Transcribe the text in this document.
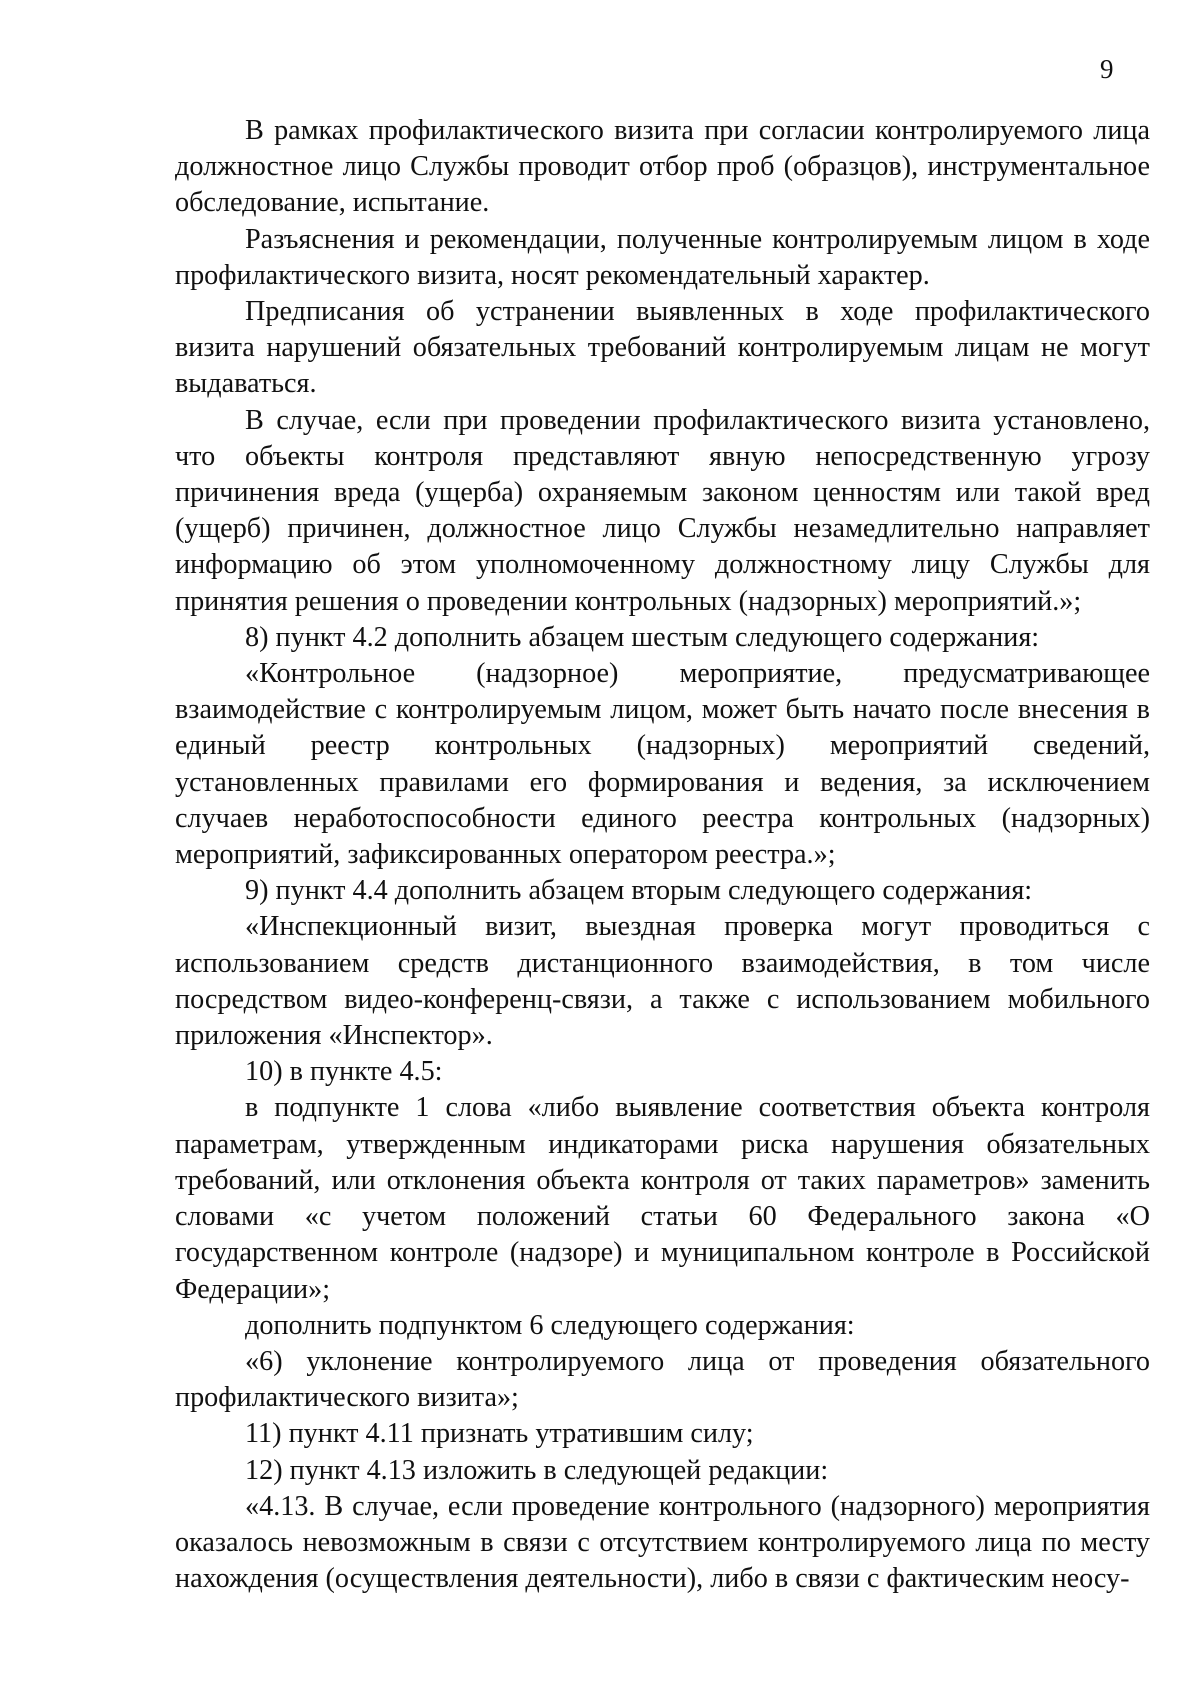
9

В рамках профилактического визита при согласии контролируемого лица должностное лицо Службы проводит отбор проб (образцов), инструментальное обследование, испытание.

Разъяснения и рекомендации, полученные контролируемым лицом в ходе профилактического визита, носят рекомендательный характер.

Предписания об устранении выявленных в ходе профилактического визита нарушений обязательных требований контролируемым лицам не могут выдаваться.

В случае, если при проведении профилактического визита установлено, что объекты контроля представляют явную непосредственную угрозу причинения вреда (ущерба) охраняемым законом ценностям или такой вред (ущерб) причинен, должностное лицо Службы незамедлительно направляет информацию об этом уполномоченному должностному лицу Службы для принятия решения о проведении контрольных (надзорных) мероприятий.»;

8) пункт 4.2 дополнить абзацем шестым следующего содержания:

«Контрольное (надзорное) мероприятие, предусматривающее взаимодействие с контролируемым лицом, может быть начато после внесения в единый реестр контрольных (надзорных) мероприятий сведений, установленных правилами его формирования и ведения, за исключением случаев неработоспособности единого реестра контрольных (надзорных) мероприятий, зафиксированных оператором реестра.»;

9) пункт 4.4 дополнить абзацем вторым следующего содержания:

«Инспекционный визит, выездная проверка могут проводиться с использованием средств дистанционного взаимодействия, в том числе посредством видео-конференц-связи, а также с использованием мобильного приложения «Инспектор».

10) в пункте 4.5:

в подпункте 1 слова «либо выявление соответствия объекта контроля параметрам, утвержденным индикаторами риска нарушения обязательных требований, или отклонения объекта контроля от таких параметров» заменить словами «с учетом положений статьи 60 Федерального закона «О государственном контроле (надзоре) и муниципальном контроле в Российской Федерации»;

дополнить подпунктом 6 следующего содержания:

«6) уклонение контролируемого лица от проведения обязательного профилактического визита»;

11) пункт 4.11 признать утратившим силу;

12) пункт 4.13 изложить в следующей редакции:

«4.13. В случае, если проведение контрольного (надзорного) мероприятия оказалось невозможным в связи с отсутствием контролируемого лица по месту нахождения (осуществления деятельности), либо в связи с фактическим неосу-
